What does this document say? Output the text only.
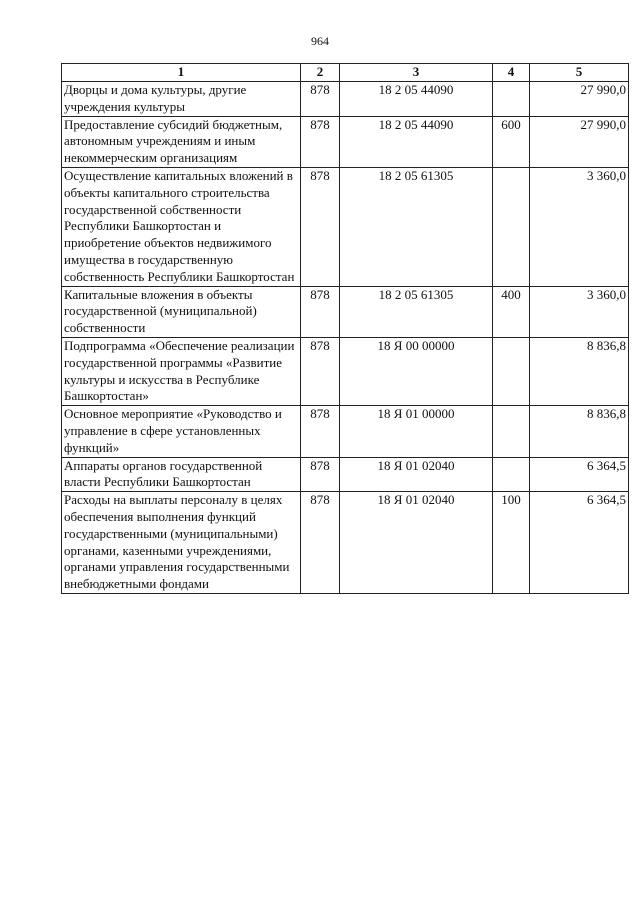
964
1	2	3	4	5
Дворцы и дома культуры, другие учреждения культуры	878	18 2 05 44090		27 990,0
Предоставление субсидий бюджетным, автономным учреждениям и иным некоммерческим организациям	878	18 2 05 44090	600	27 990,0
Осуществление капитальных вложений в объекты капитального строительства государственной собственности Республики Башкортостан и приобретение объектов недвижимого имущества в государственную собственность Республики Башкортостан	878	18 2 05 61305		3 360,0
Капитальные вложения в объекты государственной (муниципальной) собственности	878	18 2 05 61305	400	3 360,0
Подпрограмма «Обеспечение реализации государственной программы «Развитие культуры и искусства в Республике Башкортостан»	878	18 Я 00 00000		8 836,8
Основное мероприятие «Руководство и управление в сфере установленных функций»	878	18 Я 01 00000		8 836,8
Аппараты органов государственной власти Республики Башкортостан	878	18 Я 01 02040		6 364,5
Расходы на выплаты персоналу в целях обеспечения выполнения функций государственными (муниципальными) органами, казенными учреждениями, органами управления государственными внебюджетными фондами	878	18 Я 01 02040	100	6 364,5
